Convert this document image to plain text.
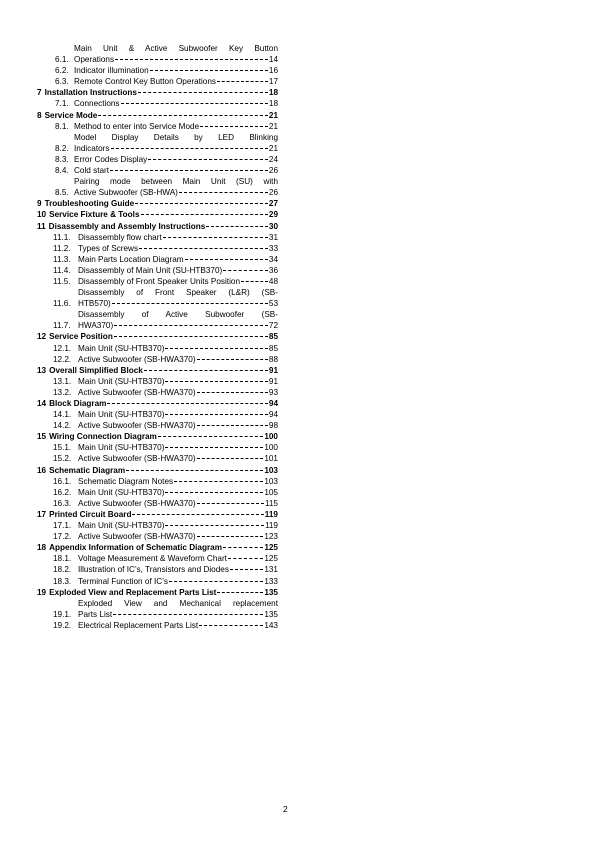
6.1.
Main Unit & Active Subwoofer Key Button
Operations	14
6.2. Indicator illumination	16
6.3. Remote Control Key Button Operations	17
7 Installation Instructions	18
7.1. Connections	18
8 Service Mode	21
8.1. Method to enter into Service Mode	21
8.2.
Model Display Details by LED Blinking
Indicators	21
8.3. Error Codes Display	24
8.4. Cold start	26
8.5.
Pairing mode between Main Unit (SU) with
Active Subwoofer (SB-HWA)	26
9 Troubleshooting Guide	27
10 Service Fixture & Tools	29
11 Disassembly and Assembly Instructions	30
11.1. Disassembly flow chart	31
11.2. Types of Screws	33
11.3. Main Parts Location Diagram	34
11.4. Disassembly of Main Unit (SU-HTB370)	36
11.5. Disassembly of Front Speaker Units Position	48
11.6.
Disassembly of Front Speaker (L&R) (SB-
HTB570)	53
11.7.
Disassembly of Active Subwoofer (SB-
HWA370)	72
12 Service Position	85
12.1. Main Unit (SU-HTB370)	85
12.2. Active Subwoofer (SB-HWA370)	88
13 Overall Simplified Block	91
13.1. Main Unit (SU-HTB370)	91
13.2. Active Subwoofer (SB-HWA370)	93
14 Block Diagram	94
14.1. Main Unit (SU-HTB370)	94
14.2. Active Subwoofer (SB-HWA370)	98
15 Wiring Connection Diagram	100
15.1. Main Unit (SU-HTB370)	100
15.2. Active Subwoofer (SB-HWA370)	101
16 Schematic Diagram	103
16.1. Schematic Diagram Notes	103
16.2. Main Unit (SU-HTB370)	105
16.3. Active Subwoofer (SB-HWA370)	115
17 Printed Circuit Board	119
17.1. Main Unit (SU-HTB370)	119
17.2. Active Subwoofer (SB-HWA370)	123
18 Appendix Information of Schematic Diagram	125
18.1. Voltage Measurement & Waveform Chart	125
18.2. Illustration of IC’s, Transistors and Diodes	131
18.3. Terminal Function of IC’s	133
19 Exploded View and Replacement Parts List	135
19.1.
Exploded View and Mechanical replacement
Parts List	135
19.2. Electrical Replacement Parts List	143
2
